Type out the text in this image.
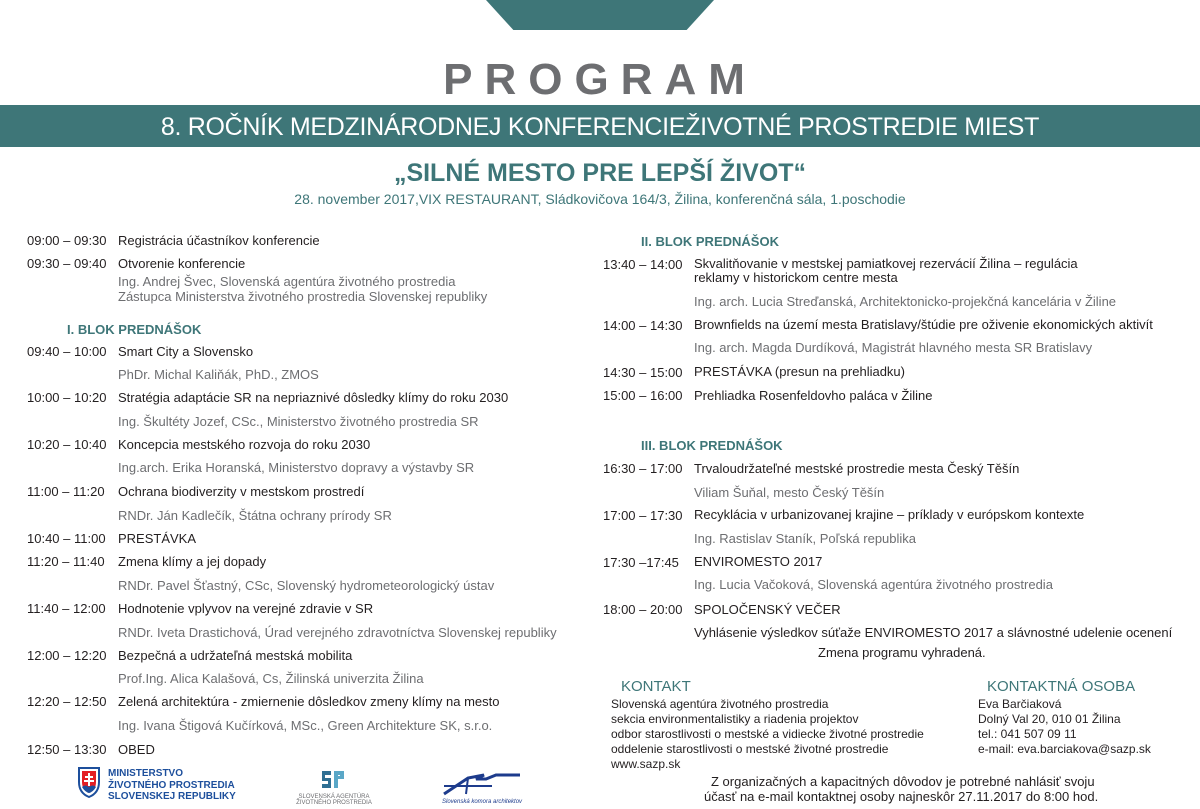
PROGRAM
8. ROČNÍK MEDZINÁRODNEJ KONFERENCIEŽIVOTNÉ PROSTREDIE MIEST
„SILNÉ MESTO PRE LEPŠÍ ŽIVOT“
28. november 2017,VIX RESTAURANT, Sládkovičova 164/3, Žilina, konferenčná sála, 1.poschodie
09:00 – 09:30 Registrácia účastníkov konferencie
09:30 – 09:40 Otvorenie konferencie
Ing. Andrej Švec, Slovenská agentúra životného prostredia
Zástupca Ministerstva životného prostredia Slovenskej republiky
I. BLOK PREDNÁŠOK
09:40 – 10:00 Smart City a Slovensko
PhDr. Michal Kaliňák, PhD., ZMOS
10:00 – 10:20 Stratégia adaptácie SR na nepriaznivé dôsledky klímy do roku 2030
Ing. Škultéty Jozef, CSc., Ministerstvo životného prostredia SR
10:20 – 10:40 Koncepcia mestského rozvoja do roku 2030
Ing.arch. Erika Horanská, Ministerstvo dopravy a výstavby SR
11:00 – 11:20 Ochrana biodiverzity v mestskom prostredí
RNDr. Ján Kadlečík, Štátna ochrany prírody SR
10:40 – 11:00 PRESTÁVKA
11:20 – 11:40 Zmena klímy a jej dopady
RNDr. Pavel Šťastný, CSc, Slovenský hydrometeorologický ústav
11:40 – 12:00 Hodnotenie vplyvov na verejné zdravie v SR
RNDr. Iveta Drastichová, Úrad verejného zdravotníctva Slovenskej republiky
12:00 – 12:20 Bezpečná a udržateľná mestská mobilita
Prof.Ing. Alica Kalašová, Cs, Žilinská univerzita Žilina
12:20 – 12:50 Zelená architektúra - zmiernenie dôsledkov zmeny klímy na mesto
Ing. Ivana Štigová Kučírková, MSc., Green Architekture SK, s.r.o.
12:50 – 13:30 OBED
II. BLOK PREDNÁŠOK
13:40 – 14:00 Skvalitňovanie v mestskej pamiatkovej rezervácií Žilina – regulácia
reklamy v historickom centre mesta
Ing. arch. Lucia Streďanská, Architektonicko-projekčná kancelária v Žiline
14:00 – 14:30 Brownfields na území mesta Bratislavy/štúdie pre oživenie ekonomických aktivít
Ing. arch. Magda Durdíková, Magistrát hlavného mesta SR Bratislavy
14:30 – 15:00 PRESTÁVKA (presun na prehliadku)
15:00 – 16:00 Prehliadka Rosenfeldovho paláca v Žiline
III. BLOK PREDNÁŠOK
16:30 – 17:00 Trvaloudržateľné mestské prostredie mesta Český Těšín
Viliam Šuňal, mesto Český Těšín
17:00 – 17:30 Recyklácia v urbanizovanej krajine – príklady v európskom kontexte
Ing. Rastislav Staník, Poľská republika
17:30 –17:45 ENVIROMESTO 2017
Ing. Lucia Vačoková, Slovenská agentúra životného prostredia
18:00 – 20:00 SPOLOČENSKÝ VEČER
Vyhlásenie výsledkov súťaže ENVIROMESTO 2017 a slávnostné udelenie ocenení
Zmena programu vyhradená.
KONTAKT
Slovenská agentúra životného prostredia
sekcia environmentalistiky a riadenia projektov
odbor starostlivosti o mestské a vidiecke životné prostredie
oddelenie starostlivosti o mestské životné prostredie
www.sazp.sk
KONTAKTNÁ OSOBA
Eva Barčiaková
Dolný Val 20, 010 01 Žilina
tel.: 041 507 09 11
e-mail: eva.barciakova@sazp.sk
Z organizačných a kapacitných dôvodov je potrebné nahlásiť svoju
účasť na e-mail kontaktnej osoby najneskôr 27.11.2017 do 8:00 hod.
MINISTERSTVO
ŽIVOTNÉHO PROSTREDIA
SLOVENSKEJ REPUBLIKY	SLOVENSKÁ AGENTÚRA
ŽIVOTNÉHO PROSTREDIA	Slovenská komora architektov
